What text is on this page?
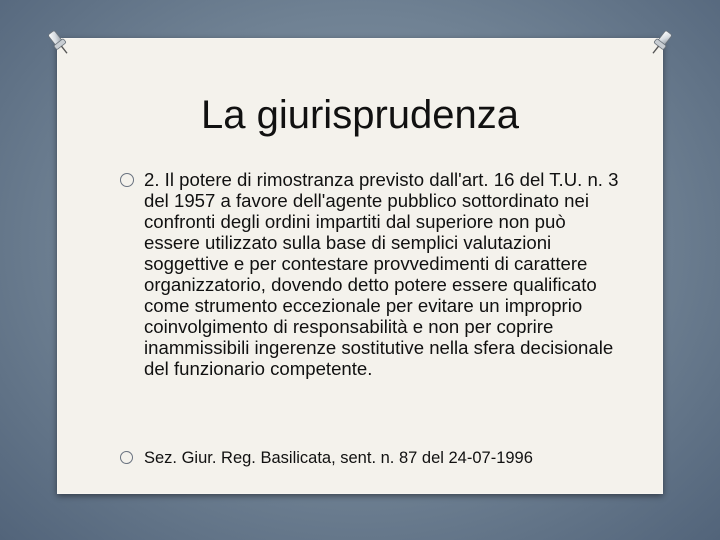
La giurisprudenza

2. Il potere di rimostranza previsto dall'art. 16 del T.U. n. 3 del 1957 a favore dell'agente pubblico sottordinato nei confronti degli ordini impartiti dal superiore non può essere utilizzato sulla base di semplici valutazioni soggettive e per contestare provvedimenti di carattere organizzatorio, dovendo detto potere essere qualificato come strumento eccezionale per evitare un improprio coinvolgimento di responsabilità e non per coprire inammissibili ingerenze sostitutive nella sfera decisionale del funzionario competente.

Sez. Giur. Reg. Basilicata, sent. n. 87 del 24-07-1996
